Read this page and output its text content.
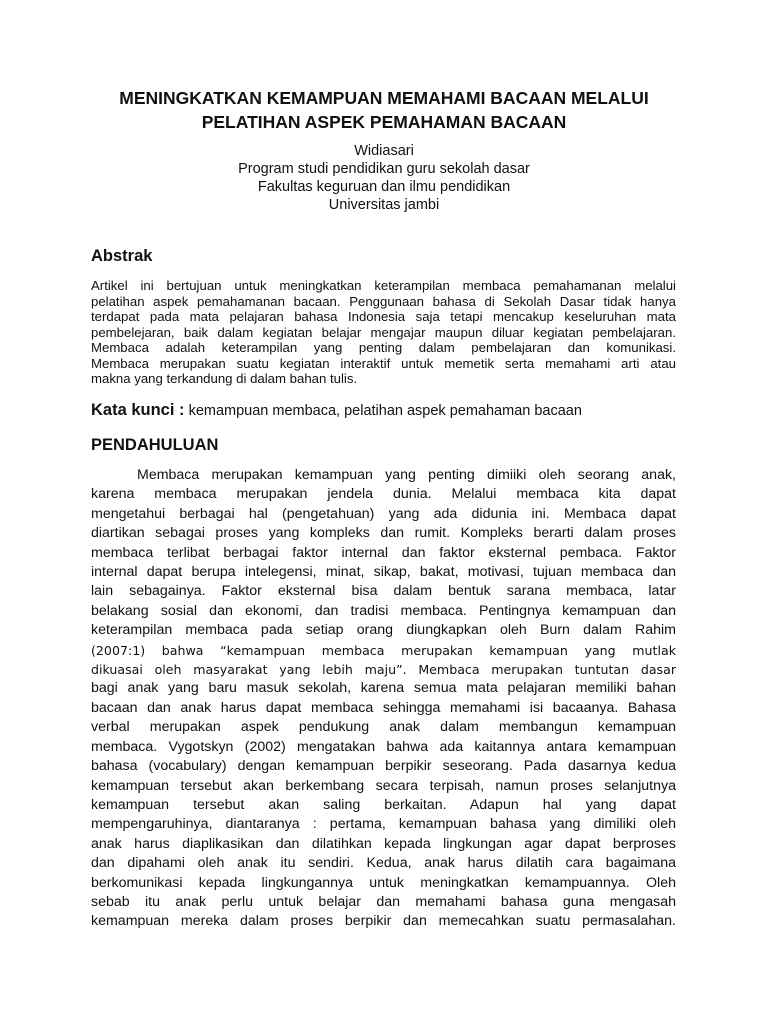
MENINGKATKAN KEMAMPUAN MEMAHAMI BACAAN MELALUI
PELATIHAN ASPEK PEMAHAMAN BACAAN
Widiasari
Program studi pendidikan guru sekolah dasar
Fakultas keguruan dan ilmu pendidikan
Universitas jambi
Abstrak
Artikel ini bertujuan untuk meningkatkan keterampilan membaca pemahamanan melalui
pelatihan aspek pemahamanan bacaan. Penggunaan bahasa di Sekolah Dasar tidak hanya
terdapat pada mata pelajaran bahasa Indonesia saja tetapi mencakup keseluruhan mata
pembelejaran, baik dalam kegiatan belajar mengajar maupun diluar kegiatan pembelajaran.
Membaca adalah keterampilan yang penting dalam pembelajaran dan komunikasi.
Membaca merupakan suatu kegiatan interaktif untuk memetik serta memahami arti atau
makna yang terkandung di dalam bahan tulis.
Kata kunci : kemampuan membaca, pelatihan aspek pemahaman bacaan
PENDAHULUAN
Membaca merupakan kemampuan yang penting dimiiki oleh seorang anak,
karena membaca merupakan jendela dunia. Melalui membaca kita dapat
mengetahui berbagai hal (pengetahuan) yang ada didunia ini. Membaca dapat
diartikan sebagai proses yang kompleks dan rumit. Kompleks berarti dalam proses
membaca terlibat berbagai faktor internal dan faktor eksternal pembaca. Faktor
internal dapat berupa intelegensi, minat, sikap, bakat, motivasi, tujuan membaca dan
lain sebagainya. Faktor eksternal bisa dalam bentuk sarana membaca, latar
belakang sosial dan ekonomi, dan tradisi membaca. Pentingnya kemampuan dan
keterampilan membaca pada setiap orang diungkapkan oleh Burn dalam Rahim
(2007:1) bahwa “kemampuan membaca merupakan kemampuan yang mutlak
dikuasai oleh masyarakat yang lebih maju”. Membaca merupakan tuntutan dasar
bagi anak yang baru masuk sekolah, karena semua mata pelajaran memiliki bahan
bacaan dan anak harus dapat membaca sehingga memahami isi bacaanya. Bahasa
verbal merupakan aspek pendukung anak dalam membangun kemampuan
membaca. Vygotskyn (2002) mengatakan bahwa ada kaitannya antara kemampuan
bahasa (vocabulary) dengan kemampuan berpikir seseorang. Pada dasarnya kedua
kemampuan tersebut akan berkembang secara terpisah, namun proses selanjutnya
kemampuan tersebut akan saling berkaitan. Adapun hal yang dapat
mempengaruhinya, diantaranya : pertama, kemampuan bahasa yang dimiliki oleh
anak harus diaplikasikan dan dilatihkan kepada lingkungan agar dapat berproses
dan dipahami oleh anak itu sendiri. Kedua, anak harus dilatih cara bagaimana
berkomunikasi kepada lingkungannya untuk meningkatkan kemampuannya. Oleh
sebab itu anak perlu untuk belajar dan memahami bahasa guna mengasah
kemampuan mereka dalam proses berpikir dan memecahkan suatu permasalahan.
